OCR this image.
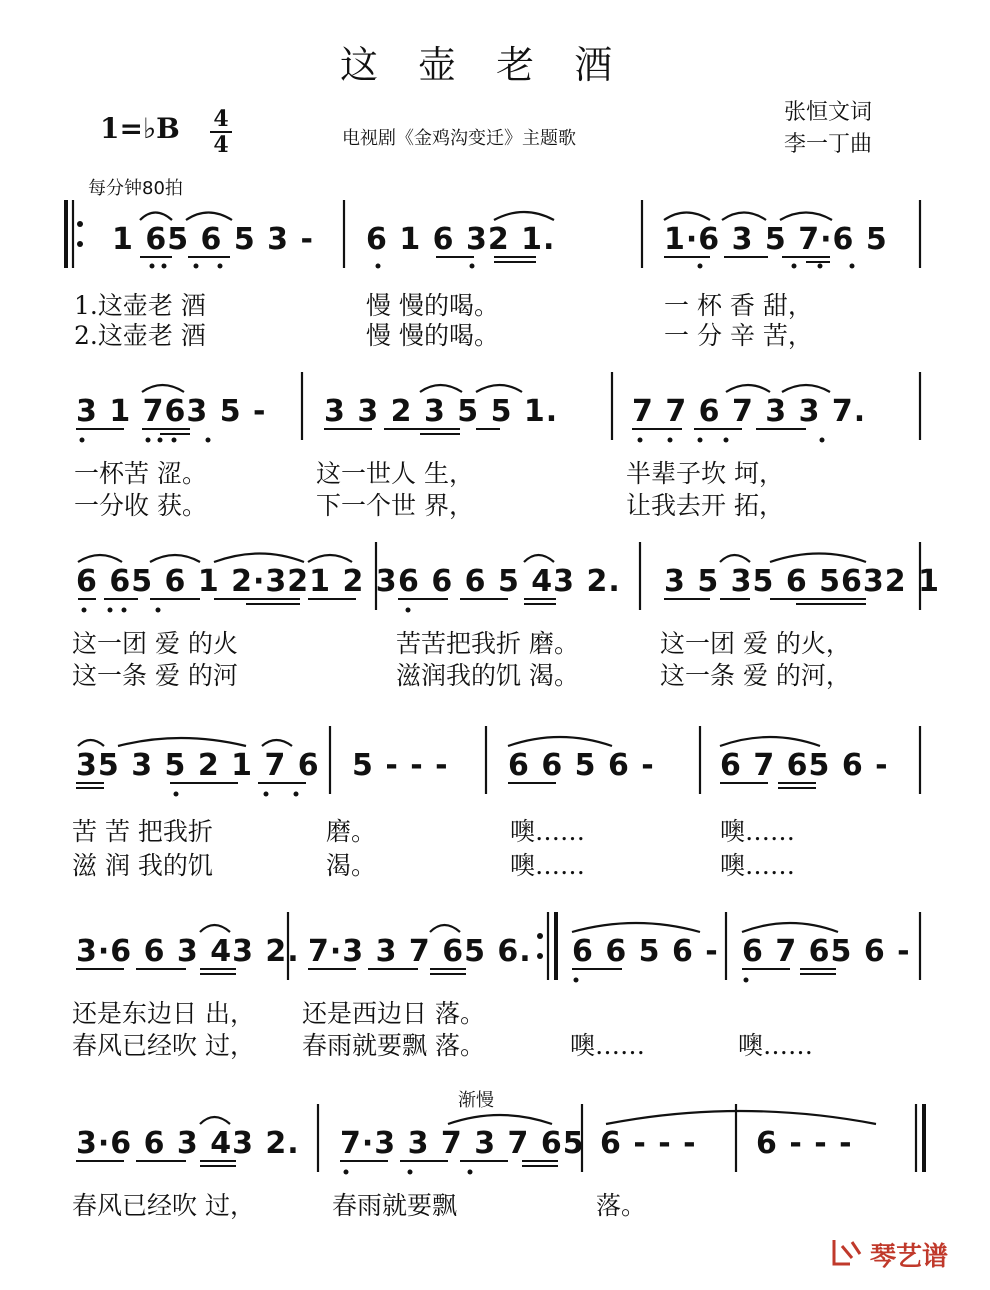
这 壶 老 酒
1=♭B	4
4	电视剧《金鸡沟变迁》主题歌
张恒文词
李一丁曲
每分钟80拍
渐慢
1 65 6 5 3 - 6 1 6 32 1.	1·6 3 5 7·6 5
1.这壶老 酒	慢 慢的喝。	一 杯 香 甜，
2.这壶老 酒	慢 慢的喝。	一 分 辛 苦，
3 1 763 5 - 3 3 2 3 5 5 1. 7 7 6 7 3 3 7.
一杯苦 涩。	这一世人 生，	半辈子坎 坷，
一分收 获。	下一个世 界，	让我去开 拓，
6 65 6 1 2·321 2 3 6 6 6 5 43 2. 3 5 35 6 5632 1
这一团 爱 的火	苦苦把我折 磨。	这一团 爱 的火，
这一条 爱 的河	滋润我的饥 渴。	这一条 爱 的河，
35 3 5 2 1 7 6 5 - - - 6 6 5 6 - 6 7 65 6 -
苦 苦 把我折	磨。	噢……	噢……
滋 润 我的饥	渴。	噢……	噢……
3·6 6 3 43 2. 7·3 3 7 65 6. 6 6 5 6 - 6 7 65 6 -
还是东边日 出， 还是西边日 落。
春风已经吹 过， 春雨就要飘 落。	噢……	噢……
3·6 6 3 43 2. 7·3 3 7 3 7 65 6 - - - 6 - - -
春风已经吹 过，	春雨就要飘	落。
琴艺谱
